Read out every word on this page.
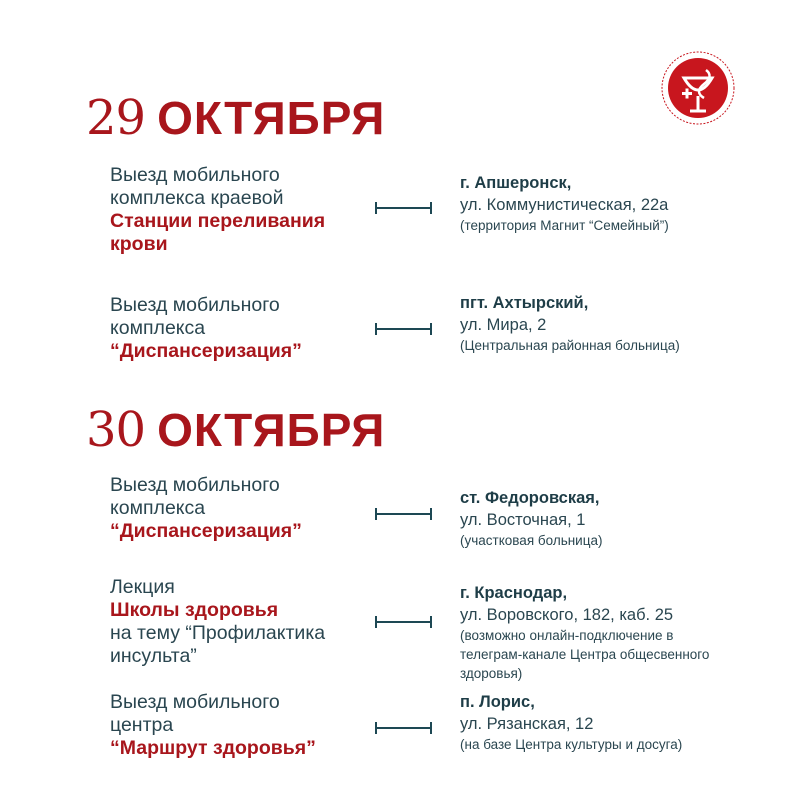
29 ОКТЯБРЯ
Выезд мобильного
комплекса краевой
Станции переливания
крови
г. Апшеронск,
ул. Коммунистическая, 22а
(территория Магнит “Семейный”)
Выезд мобильного
комплекса
“Диспансеризация”
пгт. Ахтырский,
ул. Мира, 2
(Центральная районная больница)
30 ОКТЯБРЯ
Выезд мобильного
комплекса
“Диспансеризация”
ст. Федоровская,
ул. Восточная, 1
(участковая больница)
Лекция
Школы здоровья
на тему “Профилактика
инсульта”
г. Краснодар,
ул. Воровского, 182, каб. 25
(возможно онлайн-подключение в
телеграм-канале Центра общесвенного
здоровья)
Выезд мобильного
центра
“Маршрут здоровья”
п. Лорис,
ул. Рязанская, 12
(на базе Центра культуры и досуга)
